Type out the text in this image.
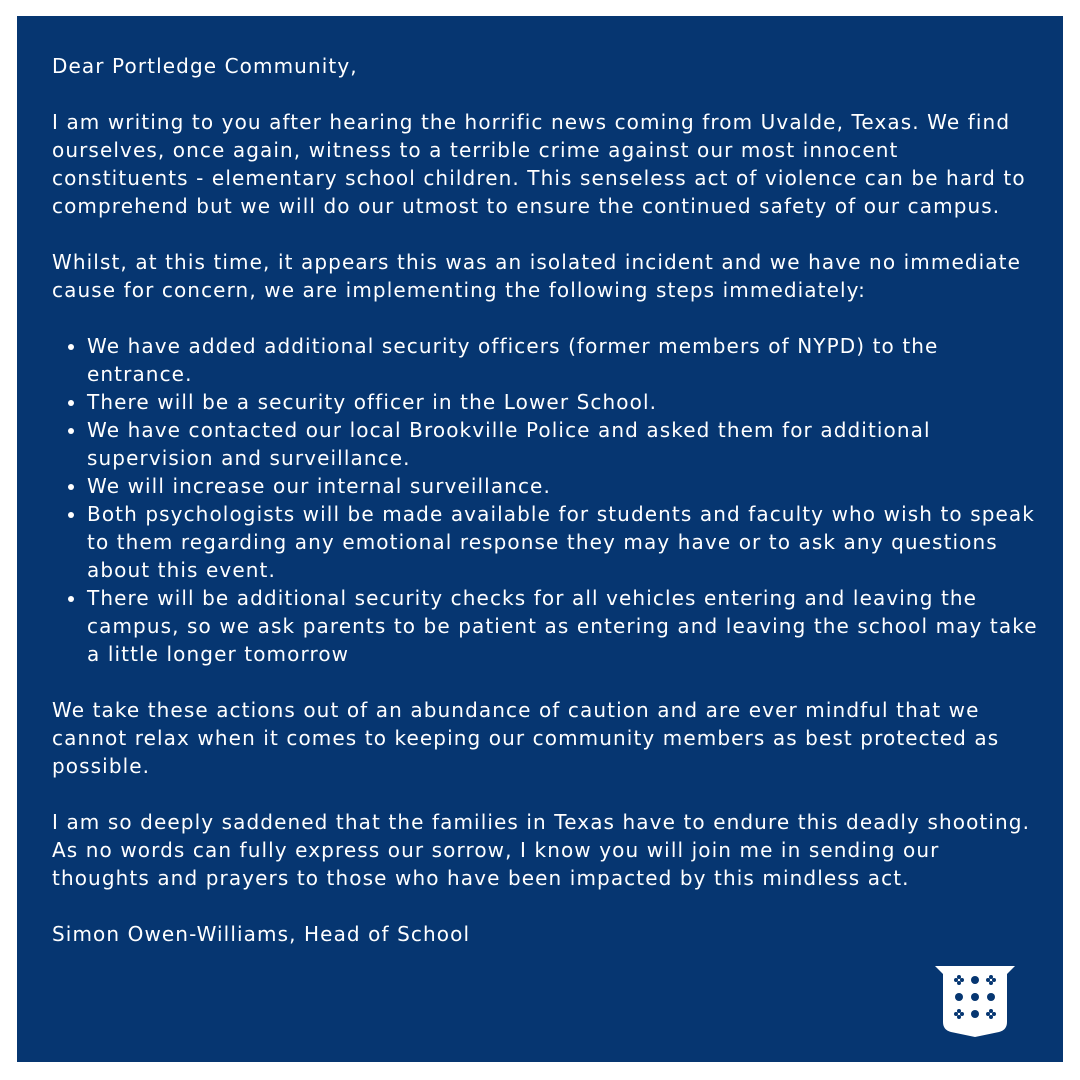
Dear Portledge Community,

I am writing to you after hearing the horrific news coming from Uvalde, Texas. We find ourselves, once again, witness to a terrible crime against our most innocent constituents - elementary school children. This senseless act of violence can be hard to comprehend but we will do our utmost to ensure the continued safety of our campus.

Whilst, at this time, it appears this was an isolated incident and we have no immediate cause for concern, we are implementing the following steps immediately:

• We have added additional security officers (former members of NYPD) to the entrance.
• There will be a security officer in the Lower School.
• We have contacted our local Brookville Police and asked them for additional supervision and surveillance.
• We will increase our internal surveillance.
• Both psychologists will be made available for students and faculty who wish to speak to them regarding any emotional response they may have or to ask any questions about this event.
• There will be additional security checks for all vehicles entering and leaving the campus, so we ask parents to be patient as entering and leaving the school may take a little longer tomorrow

We take these actions out of an abundance of caution and are ever mindful that we cannot relax when it comes to keeping our community members as best protected as possible.

I am so deeply saddened that the families in Texas have to endure this deadly shooting. As no words can fully express our sorrow, I know you will join me in sending our thoughts and prayers to those who have been impacted by this mindless act.

Simon Owen-Williams, Head of School
